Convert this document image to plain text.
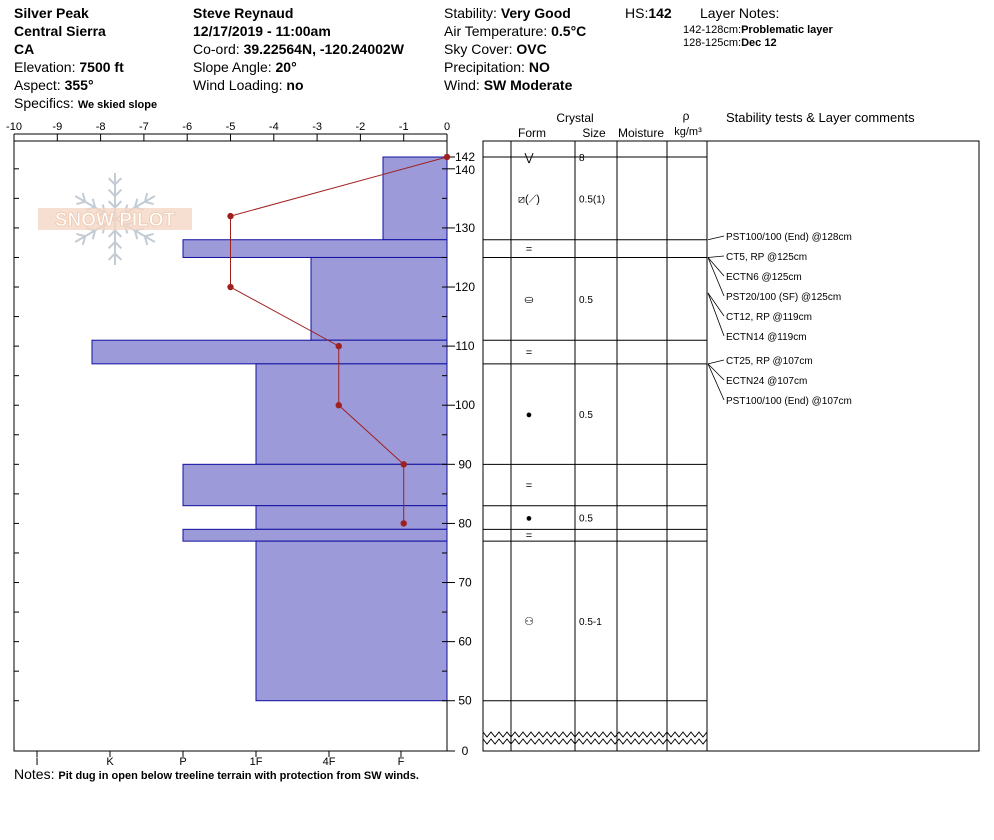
Silver Peak
Central Sierra
CA
Elevation: 7500 ft
Aspect: 355°
Specifics: We skied slope
Steve Reynaud
12/17/2019 - 11:00am
Co-ord: 39.22564N, -120.24002W
Slope Angle: 20°
Wind Loading: no
Stability: Very Good
Air Temperature: 0.5°C
Sky Cover: OVC
Precipitation: NO
Wind: SW Moderate
HS:142 Layer Notes:
142-128cm:Problematic layer
128-125cm:Dec 12
SNOW PILOT
Crystal
Form	Size Moisture
ρ
kg/m³
Stability tests & Layer comments
-10	-9	-8	-7	-6	-5	-4	-3	-2	-1	0
I	K	P	1F	4F	F
0
50
60
70
80
90
100
110
120
130
140
142	⋁	8
⧄(⟋)	0.5(1)
=
⛀	0.5
=
●	0.5
=
●	0.5
=
⚇	0.5-1
PST100/100 (End) @128cm
CT5, RP @125cm
ECTN6 @125cm
PST20/100 (SF) @125cm
CT12, RP @119cm
ECTN14 @119cm
CT25, RP @107cm
ECTN24 @107cm
PST100/100 (End) @107cm
Notes: Pit dug in open below treeline terrain with protection from SW winds.
